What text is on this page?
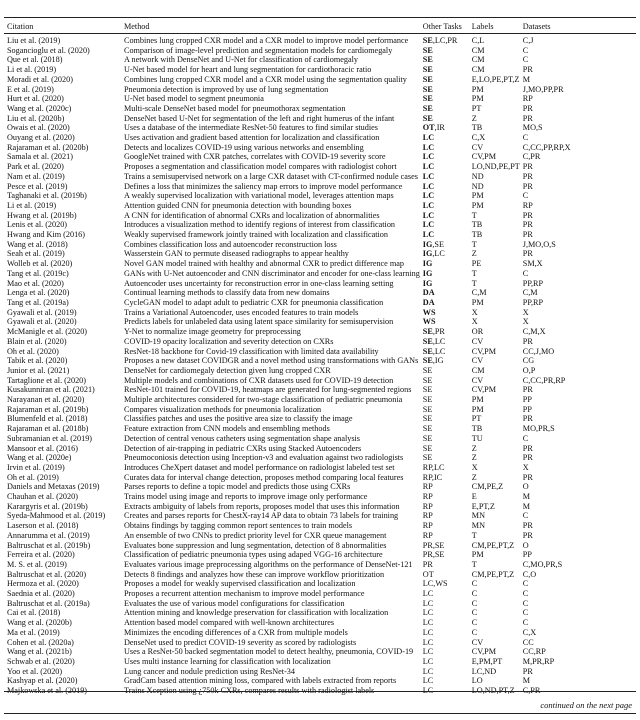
Citation	Method	Other Tasks	Labels	Datasets
Liu et al. (2019)	Combines lung cropped CXR model and a CXR model to improve model performance	SE,LC,PR	C,L	C,J
Sogancioglu et al. (2020)	Comparison of image-level prediction and segmentation models for cardiomegaly	SE	CM	C
Que et al. (2018)	A network with DenseNet and U-Net for classification of cardiomegaly	SE	CM	C
Li et al. (2019)	U-Net based model for heart and lung segmentation for cardiothoracic ratio	SE	CM	PR
Moradi et al. (2020)	Combines lung cropped CXR model and a CXR model using the segmentation quality	SE	E,LO,PE,PT,Z	M
E et al. (2019)	Pneumonia detection is improved by use of lung segmentation	SE	PM	J,MO,PP,PR
Hurt et al. (2020)	U-Net based model to segment pneumonia	SE	PM	RP
Wang et al. (2020c)	Multi-scale DenseNet based model for pneumothorax segmentation	SE	PT	PR
Liu et al. (2020b)	DenseNet based U-Net for segmentation of the left and right humerus of the infant	SE	Z	PR
Owais et al. (2020)	Uses a database of the intermediate ResNet-50 features to find similar studies	OT,IR	TB	MO,S
Ouyang et al. (2020)	Uses activation and gradient based attention for localization and classification	LC	C,X	C
Rajaraman et al. (2020b)	Detects and localizes COVID-19 using various networks and ensembling	LC	CV	C,CC,PP,RP,X
Samala et al. (2021)	GoogleNet trained with CXR patches, correlates with COVID-19 severity score	LC	CV,PM	C,PR
Park et al. (2020)	Proposes a segmentation and classification model compares with radiologist cohort	LC	LO,ND,PE,PT	PR
Nam et al. (2019)	Trains a semisupervised network on a large CXR dataset with CT-confirmed nodule cases	LC	ND	PR
Pesce et al. (2019)	Defines a loss that minimizes the saliency map errors to improve model performance	LC	ND	PR
Taghanaki et al. (2019b)	A weakly supervised localization with variational model, leverages attention maps	LC	PM	C
Li et al. (2019)	Attention guided CNN for pneumonia detection with bounding boxes	LC	PM	RP
Hwang et al. (2019b)	A CNN for identification of abnormal CXRs and localization of abnormalities	LC	T	PR
Lenis et al. (2020)	Introduces a visualization method to identify regions of interest from classification	LC	TB	PR
Hwang and Kim (2016)	Weakly supervised framework jointly trained with localization and classification	LC	TB	PR
Wang et al. (2018)	Combines classification loss and autoencoder reconstruction loss	IG,SE	T	J,MO,O,S
Seah et al. (2019)	Wasserstein GAN to permute diseased radiographs to appear healthy	IG,LC	Z	PR
Wolleb et al. (2020)	Novel GAN model trained with healthy and abnormal CXR to predict difference map	IG	PE	SM,X
Tang et al. (2019c)	GANs with U-Net autoencoder and CNN discriminator and encoder for one-class learning	IG	T	C
Mao et al. (2020)	Autoencoder uses uncertainty for reconstruction error in one-class learning setting	IG	T	PP,RP
Lenga et al. (2020)	Continual learning methods to classify data from new domains	DA	C,M	C,M
Tang et al. (2019a)	CycleGAN model to adapt adult to pediatric CXR for pneumonia classification	DA	PM	PP,RP
Gyawali et al. (2019)	Trains a Variational Autoencoder, uses encoded features to train models	WS	X	X
Gyawali et al. (2020)	Predicts labels for unlabeled data using latent space similarity for semisupervision	WS	X	X
McManigle et al. (2020)	Y-Net to normalize image geometry for preprocessing	SE,PR	OR	C,M,X
Blain et al. (2020)	COVID-19 opacity localization and severity detection on CXRs	SE,LC	CV	PR
Oh et al. (2020)	ResNet-18 backbone for Covid-19 classification with limited data availability	SE,LC	CV,PM	CC,J,MO
Tabik et al. (2020)	Proposes a new dataset COVIDGR and a novel method using transformations with GANs	SE,IG	CV	CG
Junior et al. (2021)	DenseNet for cardiomegaly detection given lung cropped CXR	SE	CM	O,P
Tartaglione et al. (2020)	Multiple models and combinations of CXR datasets used for COVID-19 detection	SE	CV	C,CC,PR,RP
Kusakunniran et al. (2021)	ResNet-101 trained for COVID-19, heatmaps are generated for lung-segmented regions	SE	CV,PM	PR
Narayanan et al. (2020)	Multiple architectures considered for two-stage classification of pediatric pneumonia	SE	PM	PP
Rajaraman et al. (2019b)	Compares visualization methods for pneumonia localization	SE	PM	PP
Blumenfeld et al. (2018)	Classifies patches and uses the positive area size to classify the image	SE	PT	PR
Rajaraman et al. (2018b)	Feature extraction from CNN models and ensembling methods	SE	TB	MO,PR,S
Subramanian et al. (2019)	Detection of central venous catheters using segmentation shape analysis	SE	TU	C
Mansoor et al. (2016)	Detection of air-trapping in pediatric CXRs using Stacked Autoencoders	SE	Z	PR
Wang et al. (2020e)	Pneumoconiosis detection using Inception-v3 and evaluation against two radiologists	SE	Z	PR
Irvin et al. (2019)	Introduces CheXpert dataset and model performance on radiologist labeled test set	RP,LC	X	X
Oh et al. (2019)	Curates data for interval change detection, proposes method comparing local features	RP,IC	Z	PR
Daniels and Metaxas (2019)	Parses reports to define a topic model and predicts those using CXRs	RP	CM,PE,Z	O
Chauhan et al. (2020)	Trains model using image and reports to improve image only performance	RP	E	M
Karargyris et al. (2019b)	Extracts ambiguity of labels from reports, proposes model that uses this information	RP	E,PT,Z	M
Syeda-Mahmood et al. (2019)	Creates and parses reports for ChestX-ray14 AP data to obtain 73 labels for training	RP	MN	C
Laserson et al. (2018)	Obtains findings by tagging common report sentences to train models	RP	MN	PR
Annarumma et al. (2019)	An ensemble of two CNNs to predict priority level for CXR queue management	RP	T	PR
Baltruschat et al. (2019b)	Evaluates bone suppression and lung segmentation, detection of 8 abnormalities	PR,SE	CM,PE,PT,Z	O
Ferreira et al. (2020)	Classification of pediatric pneumonia types using adaped VGG-16 architecture	PR,SE	PM	PP
M. S. et al. (2019)	Evaluates various image preprocessing algorithms on the performance of DenseNet-121	PR	T	C,MO,PR,S
Baltruschat et al. (2020)	Detects 8 findings and analyzes how these can improve workflow prioritization	OT	CM,PE,PT,Z	C,O
Hermoza et al. (2020)	Proposes a model for weakly supervised classification and localization	LC,WS	C	C
Saednia et al. (2020)	Proposes a recurrent attention mechanism to improve model performance	LC	C	C
Baltruschat et al. (2019a)	Evaluates the use of various model configurations for classification	LC	C	C
Cai et al. (2018)	Attention mining and knowledge preservation for classification with localization	LC	C	C
Wang et al. (2020b)	Attention based model compared with well-known architectures	LC	C	C
Ma et al. (2019)	Minimizes the encoding differences of a CXR from multiple models	LC	C	C,X
Cohen et al. (2020a)	DenseNet used to predict COVID-19 severity as scored by radiologists	LC	CV	CC
Wang et al. (2021b)	Uses a ResNet-50 backed segmentation model to detect healthy, pneumonia, COVID-19	LC	CV,PM	CC,RP
Schwab et al. (2020)	Uses multi instance learning for classification with localization	LC	E,PM,PT	M,PR,RP
Yoo et al. (2020)	Lung cancer and nodule prediction using ResNet-34	LC	LC,ND	PR
Kashyap et al. (2020)	GradCam based attention mining loss, compared with labels extracted from reports	LC	LO	M

continued on the next page
